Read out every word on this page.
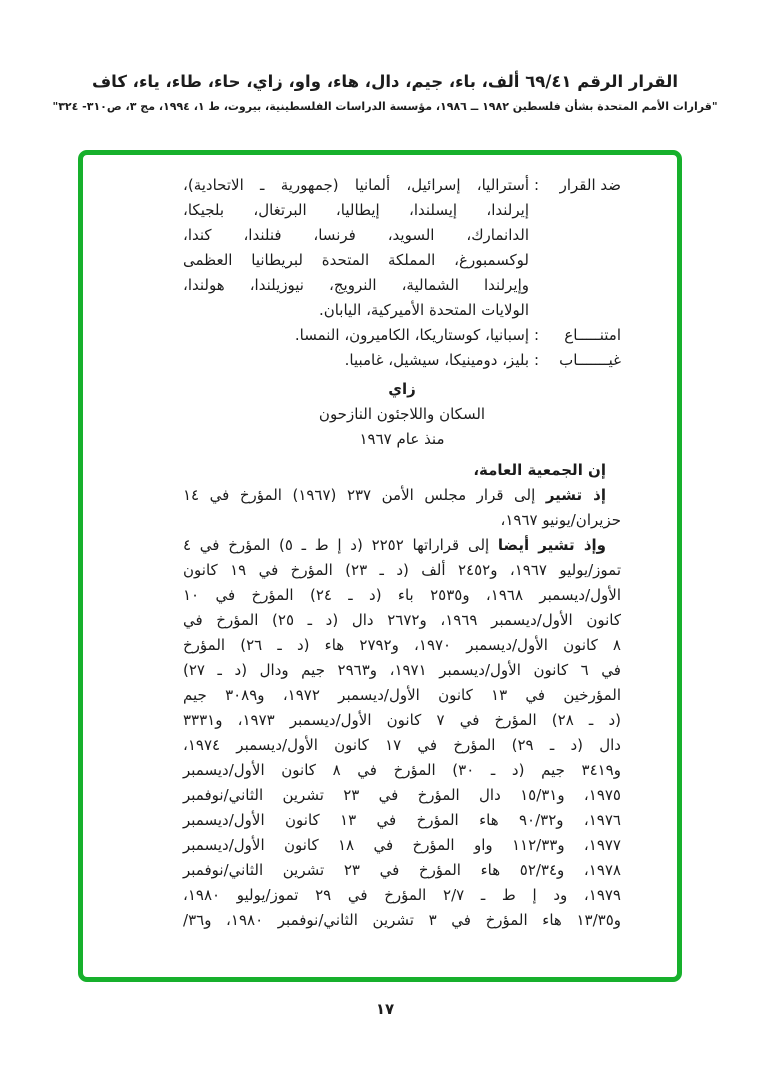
القرار الرقم ٦٩/٤١ ألف، باء، جيم، دال، هاء، واو، زاي، حاء، طاء، ياء، كاف
"قرارات الأمم المتحدة بشأن فلسطين ١٩٨٢ ــ ١٩٨٦، مؤسسة الدراسات الفلسطينية، بيروت، ط ١، ١٩٩٤، مج ٣، ص٣١٠- ٣٢٤"
ضد القرار
:
أستراليا، إسرائيل، ألمانيا (جمهورية ـ الاتحادية)،
إيرلندا، إيسلندا، إيطاليا، البرتغال، بلجيكا،
الدانمارك، السويد، فرنسا، فنلندا، كندا،
لوكسمبورغ، المملكة المتحدة لبريطانيا العظمى
وإيرلندا الشمالية، النرويج، نيوزيلندا، هولندا،
الولايات المتحدة الأميركية، اليابان.
امتنـــــاع
:
إسبانيا، كوستاريكا، الكاميرون، النمسا.
غيـــــــاب
:
بليز، دومينيكا، سيشيل، غامبيا.
زاي
السكان واللاجئون النازحون
منذ عام ١٩٦٧
إن الجمعية العامة،
إذ تشير إلى قرار مجلس الأمن ٢٣٧ (١٩٦٧) المؤرخ في ١٤
حزيران/يونيو ١٩٦٧،
وإذ تشير أيضا إلى قراراتها ٢٢٥٢ (د إ ط ـ ٥) المؤرخ في ٤
تموز/يوليو ١٩٦٧، و٢٤٥٢ ألف (د ـ ٢٣) المؤرخ في ١٩ كانون
الأول/ديسمبر ١٩٦٨، و٢٥٣٥ باء (د ـ ٢٤) المؤرخ في ١٠
كانون الأول/ديسمبر ١٩٦٩، و٢٦٧٢ دال (د ـ ٢٥) المؤرخ في
٨ كانون الأول/ديسمبر ١٩٧٠، و٢٧٩٢ هاء (د ـ ٢٦) المؤرخ
في ٦ كانون الأول/ديسمبر ١٩٧١، و٢٩٦٣ جيم ودال (د ـ ٢٧)
المؤرخين في ١٣ كانون الأول/ديسمبر ١٩٧٢، و٣٠٨٩ جيم
(د ـ ٢٨) المؤرخ في ٧ كانون الأول/ديسمبر ١٩٧٣، و٣٣٣١
دال (د ـ ٢٩) المؤرخ في ١٧ كانون الأول/ديسمبر ١٩٧٤،
و٣٤١٩ جيم (د ـ ٣٠) المؤرخ في ٨ كانون الأول/ديسمبر
١٩٧٥، و١٥/٣١ دال المؤرخ في ٢٣ تشرين الثاني/نوفمبر
١٩٧٦، و٩٠/٣٢ هاء المؤرخ في ١٣ كانون الأول/ديسمبر
١٩٧٧، و١١٢/٣٣ واو المؤرخ في ١٨ كانون الأول/ديسمبر
١٩٧٨، و٥٢/٣٤ هاء المؤرخ في ٢٣ تشرين الثاني/نوفمبر
١٩٧٩، ود إ ط ـ ٢/٧ المؤرخ في ٢٩ تموز/يوليو ١٩٨٠،
و١٣/٣٥ هاء المؤرخ في ٣ تشرين الثاني/نوفمبر ١٩٨٠، و٣٦/
١٧
